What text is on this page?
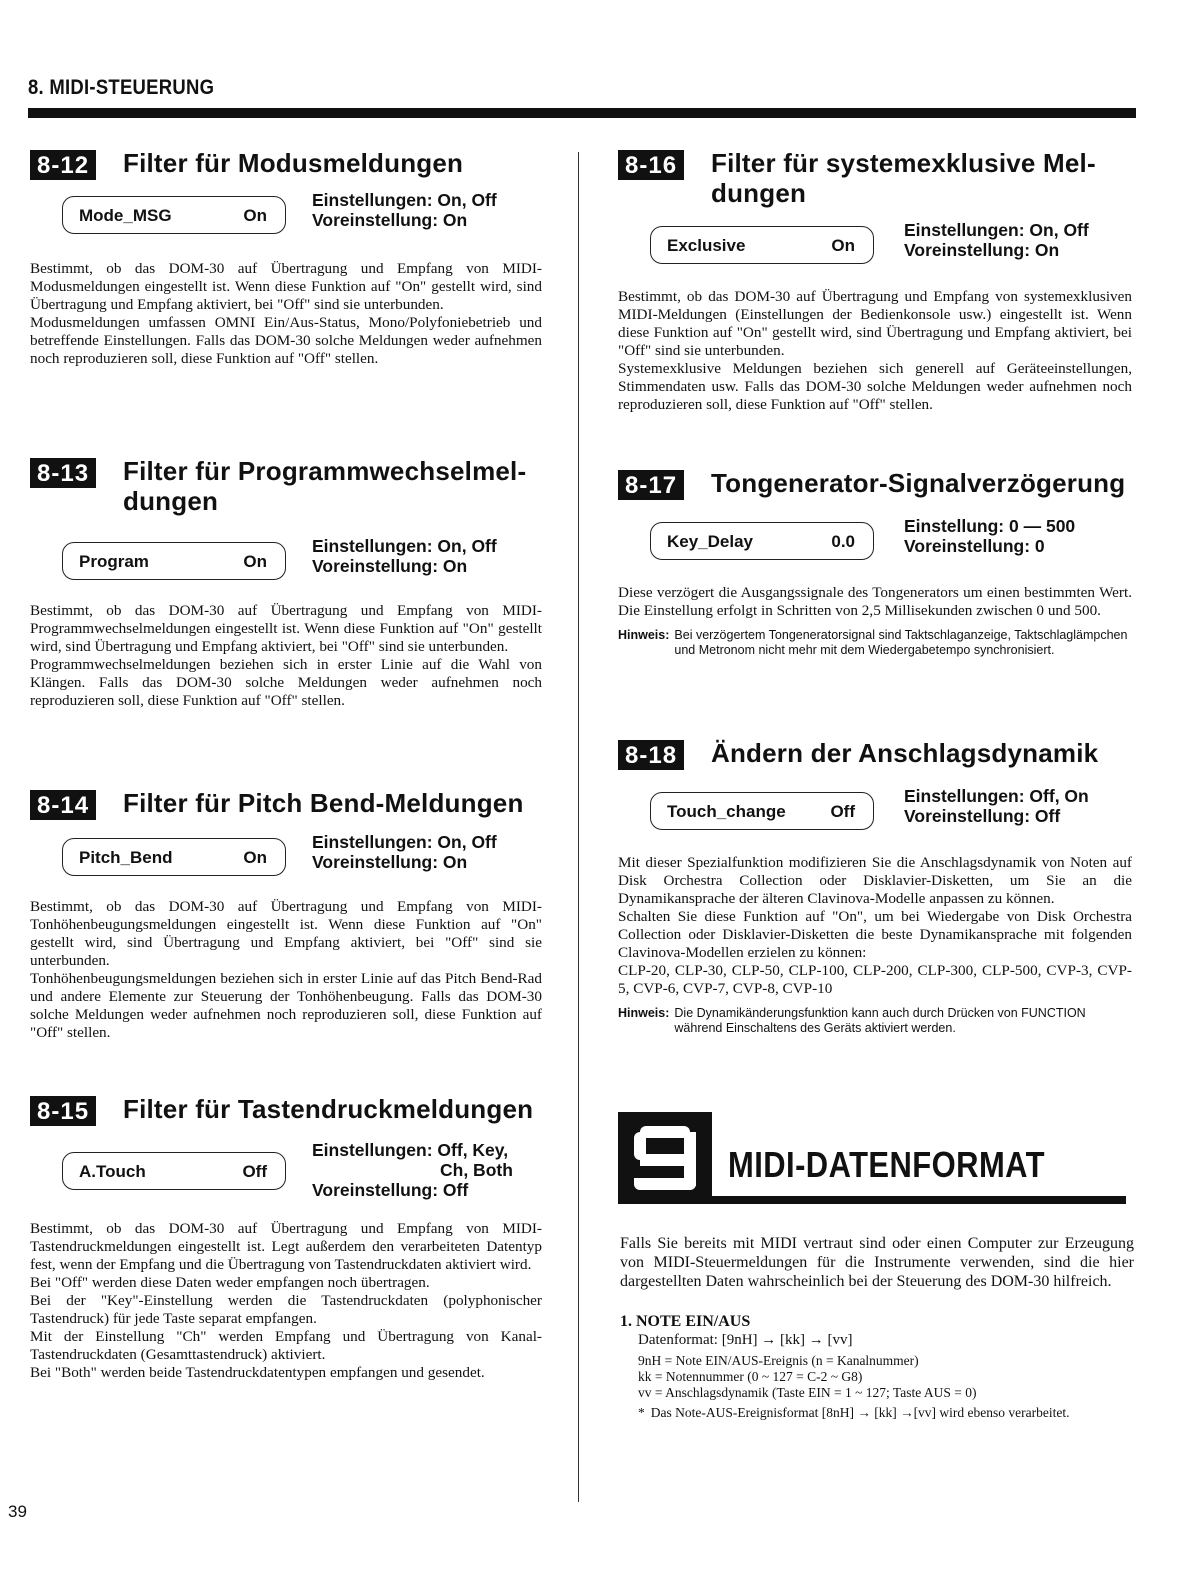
8. MIDI-STEUERUNG
8-12 Filter für Modusmeldungen
Mode_MSG	On
Einstellungen: On, Off
Voreinstellung: On

Bestimmt, ob das DOM-30 auf Übertragung und Empfang von MIDI-Modusmeldungen eingestellt ist. Wenn diese Funktion auf "On" gestellt wird, sind Übertragung und Empfang aktiviert, bei "Off" sind sie unterbunden.

Modusmeldungen umfassen OMNI Ein/Aus-Status, Mono/Polyfoniebetrieb und betreffende Einstellungen. Falls das DOM-30 solche Meldungen weder aufnehmen noch reproduzieren soll, diese Funktion auf "Off" stellen.

8-13 Filter für Programmwechselmel-dungen
Program	On
Einstellungen: On, Off
Voreinstellung: On

Bestimmt, ob das DOM-30 auf Übertragung und Empfang von MIDI-Programmwechselmeldungen eingestellt ist. Wenn diese Funktion auf "On" gestellt wird, sind Übertragung und Empfang aktiviert, bei "Off" sind sie unterbunden.

Programmwechselmeldungen beziehen sich in erster Linie auf die Wahl von Klängen. Falls das DOM-30 solche Meldungen weder aufnehmen noch reproduzieren soll, diese Funktion auf "Off" stellen.

8-14 Filter für Pitch Bend-Meldungen
Pitch_Bend	On
Einstellungen: On, Off
Voreinstellung: On

Bestimmt, ob das DOM-30 auf Übertragung und Empfang von MIDI-Tonhöhenbeugungsmeldungen eingestellt ist. Wenn diese Funktion auf "On" gestellt wird, sind Übertragung und Empfang aktiviert, bei "Off" sind sie unterbunden.

Tonhöhenbeugungsmeldungen beziehen sich in erster Linie auf das Pitch Bend-Rad und andere Elemente zur Steuerung der Tonhöhenbeugung. Falls das DOM-30 solche Meldungen weder aufnehmen noch reproduzieren soll, diese Funktion auf "Off" stellen.

8-15 Filter für Tastendruckmeldungen
A.Touch	Off
Einstellungen: Off, Key,
Ch, Both
Voreinstellung: Off

Bestimmt, ob das DOM-30 auf Übertragung und Empfang von MIDI-Tastendruckmeldungen eingestellt ist. Legt außerdem den verarbeiteten Datentyp fest, wenn der Empfang und die Übertragung von Tastendruckdaten aktiviert wird.

Bei "Off" werden diese Daten weder empfangen noch übertragen.

Bei der "Key"-Einstellung werden die Tastendruckdaten (polyphonischer Tastendruck) für jede Taste separat empfangen.

Mit der Einstellung "Ch" werden Empfang und Übertragung von Kanal-Tastendruckdaten (Gesamttastendruck) aktiviert.

Bei "Both" werden beide Tastendruckdatentypen empfangen und gesendet.

8-16 Filter für systemexklusive Mel-dungen
Exclusive	On
Einstellungen: On, Off
Voreinstellung: On

Bestimmt, ob das DOM-30 auf Übertragung und Empfang von systemexklusiven MIDI-Meldungen (Einstellungen der Bedienkonsole usw.) eingestellt ist. Wenn diese Funktion auf "On" gestellt wird, sind Übertragung und Empfang aktiviert, bei "Off" sind sie unterbunden.

Systemexklusive Meldungen beziehen sich generell auf Geräteeinstellungen, Stimmendaten usw. Falls das DOM-30 solche Meldungen weder aufnehmen noch reproduzieren soll, diese Funktion auf "Off" stellen.

8-17 Tongenerator-Signalverzögerung
Key_Delay	0.0
Einstellung: 0 — 500
Voreinstellung: 0

Diese verzögert die Ausgangssignale des Tongenerators um einen bestimmten Wert. Die Einstellung erfolgt in Schritten von 2,5 Millisekunden zwischen 0 und 500.

Hinweis: Bei verzögertem Tongeneratorsignal sind Taktschlaganzeige, Taktschlaglämpchen und Metronom nicht mehr mit dem Wiedergabetempo synchronisiert.
8-18 Ändern der Anschlagsdynamik
Touch_change	Off
Einstellungen: Off, On
Voreinstellung: Off

Mit dieser Spezialfunktion modifizieren Sie die Anschlagsdynamik von Noten auf Disk Orchestra Collection oder Disklavier-Disketten, um Sie an die Dynamikansprache der älteren Clavinova-Modelle anpassen zu können.

Schalten Sie diese Funktion auf "On", um bei Wiedergabe von Disk Orchestra Collection oder Disklavier-Disketten die beste Dynamikansprache mit folgenden Clavinova-Modellen erzielen zu können:

CLP-20, CLP-30, CLP-50, CLP-100, CLP-200, CLP-300, CLP-500, CVP-3, CVP-5, CVP-6, CVP-7, CVP-8, CVP-10

Hinweis: Die Dynamikänderungsfunktion kann auch durch Drücken von FUNCTION während Einschaltens des Geräts aktiviert werden.
MIDI-DATENFORMAT

Falls Sie bereits mit MIDI vertraut sind oder einen Computer zur Erzeugung von MIDI-Steuermeldungen für die Instrumente verwenden, sind die hier dargestellten Daten wahrscheinlich bei der Steuerung des DOM-30 hilfreich.

1. NOTE EIN/AUS
Datenformat: [9nH] → [kk] → [vv]
9nH = Note EIN/AUS-Ereignis (n = Kanalnummer)
kk = Notennummer (0 ~ 127 = C-2 ~ G8)
vv = Anschlagsdynamik (Taste EIN = 1 ~ 127; Taste AUS = 0)
* Das Note-AUS-Ereignisformat [8nH] → [kk] →[vv] wird ebenso verarbeitet.
39
